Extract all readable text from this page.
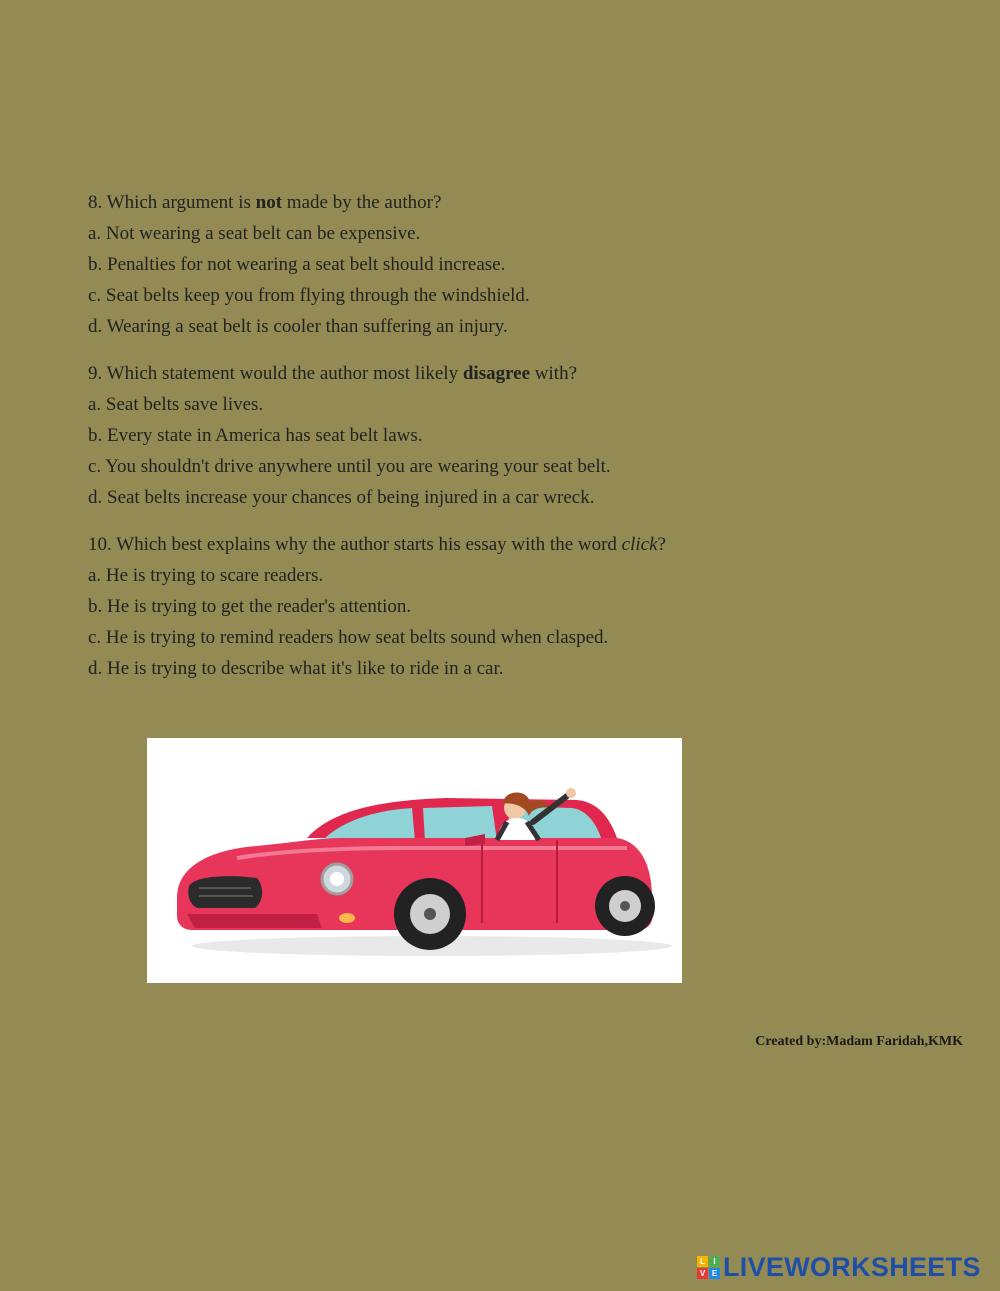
8. Which argument is not made by the author?
a. Not wearing a seat belt can be expensive.
b. Penalties for not wearing a seat belt should increase.
c. Seat belts keep you from flying through the windshield.
d. Wearing a seat belt is cooler than suffering an injury.
9. Which statement would the author most likely disagree with?
a. Seat belts save lives.
b. Every state in America has seat belt laws.
c. You shouldn't drive anywhere until you are wearing your seat belt.
d. Seat belts increase your chances of being injured in a car wreck.
10. Which best explains why the author starts his essay with the word click?
a. He is trying to scare readers.
b. He is trying to get the reader's attention.
c. He is trying to remind readers how seat belts sound when clasped.
d. He is trying to describe what it's like to ride in a car.
Created by:Madam Faridah,KMK
L	I
V E LIVEWORKSHEETS
